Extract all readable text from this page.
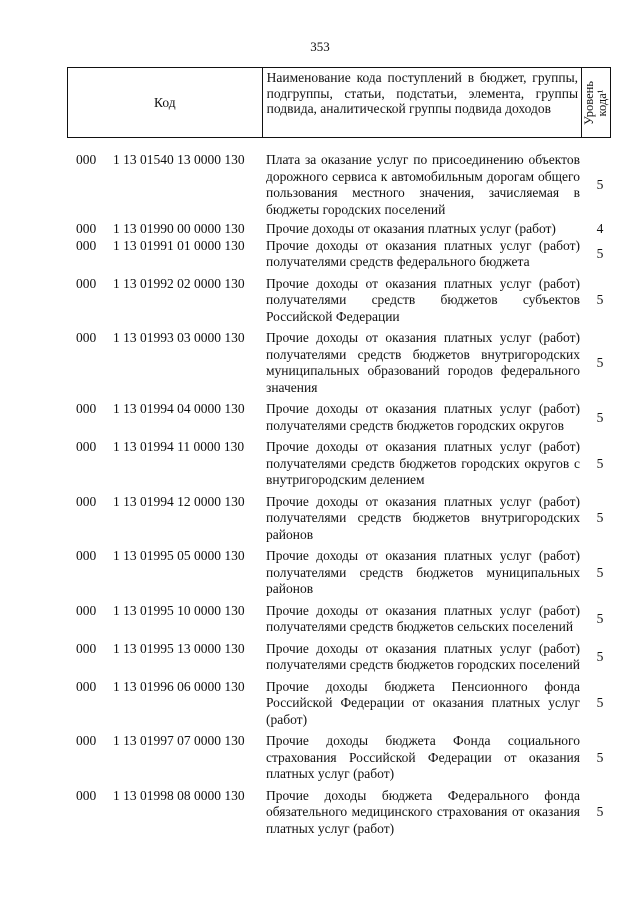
353
Код
Наименование кода поступлений в бюджет, группы, подгруппы, статьи, подстатьи, элемента, группы подвида, аналитической группы подвида доходов	Уровень кода¹
000 1 13 01540 13 0000 130 Плата за оказание услуг по присоединению объектов дорожного сервиса к автомобильным дорогам общего пользования местного значения, зачисляемая в бюджеты городских поселений
5
000 1 13 01990 00 0000 130 Прочие доходы от оказания платных услуг (работ)	4
000 1 13 01991 01 0000 130 Прочие доходы от оказания платных услуг (работ) получателями средств федерального бюджета
5
000 1 13 01992 02 0000 130 Прочие доходы от оказания платных услуг (работ) получателями средств бюджетов субъектов Российской Федерации
5
000 1 13 01993 03 0000 130 Прочие доходы от оказания платных услуг (работ) получателями средств бюджетов внутригородских муниципальных образований городов федерального значения
5
000 1 13 01994 04 0000 130 Прочие доходы от оказания платных услуг (работ) получателями средств бюджетов городских округов
5
000 1 13 01994 11 0000 130 Прочие доходы от оказания платных услуг (работ) получателями средств бюджетов городских округов с внутригородским делением
5
000 1 13 01994 12 0000 130 Прочие доходы от оказания платных услуг (работ) получателями средств бюджетов внутригородских районов
5
000 1 13 01995 05 0000 130 Прочие доходы от оказания платных услуг (работ) получателями средств бюджетов муниципальных районов
5
000 1 13 01995 10 0000 130 Прочие доходы от оказания платных услуг (работ) получателями средств бюджетов сельских поселений
5
000 1 13 01995 13 0000 130 Прочие доходы от оказания платных услуг (работ) получателями средств бюджетов городских поселений
5
000 1 13 01996 06 0000 130 Прочие доходы бюджета Пенсионного фонда Российской Федерации от оказания платных услуг (работ)
5
000 1 13 01997 07 0000 130 Прочие доходы бюджета Фонда социального страхования Российской Федерации от оказания платных услуг (работ)
5
000 1 13 01998 08 0000 130 Прочие доходы бюджета Федерального фонда обязательного медицинского страхования от оказания платных услуг (работ)
5
